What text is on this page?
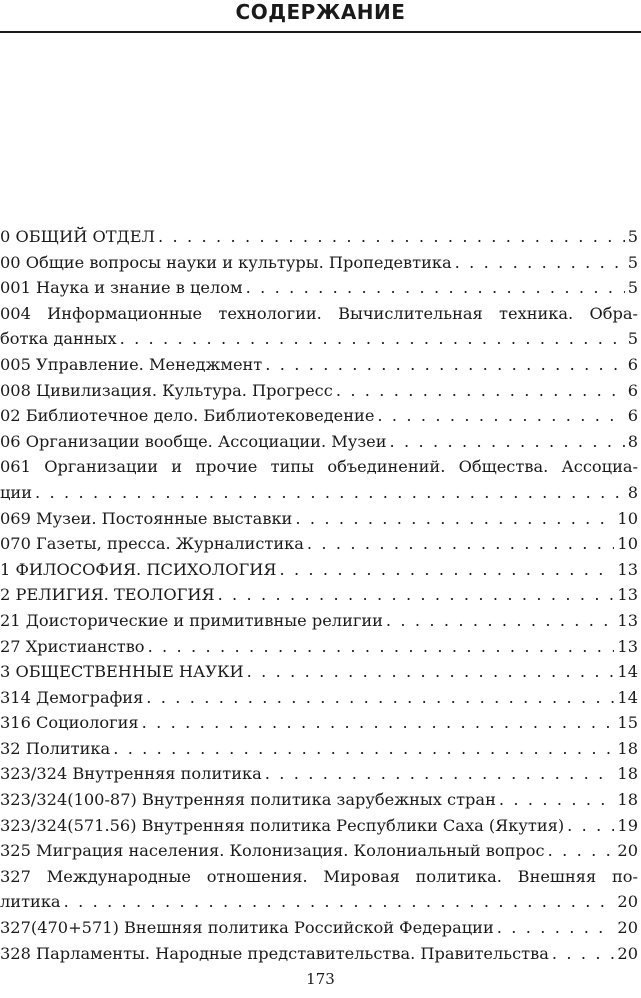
СОДЕРЖАНИЕ
0 ОБЩИЙ ОТДЕЛ . . .	5
00 Общие вопросы науки и культуры. Пропедевтика . . .	5
001 Наука и знание в целом . . .	5
004 Информационные технологии. Вычислительная техника. Обра-
ботка данных . . .	5
005 Управление. Менеджмент . . .	6
008 Цивилизация. Культура. Прогресс . . .	6
02 Библиотечное дело. Библиотековедение . . .	6
06 Организации вообще. Ассоциации. Музеи . . .	8
061 Организации и прочие типы объединений. Общества. Ассоциа-
ции . . .	8
069 Музеи. Постоянные выставки . . .	10
070 Газеты, пресса. Журналистика . . .	10
1 ФИЛОСОФИЯ. ПСИХОЛОГИЯ . . .	13
2 РЕЛИГИЯ. ТЕОЛОГИЯ . . .	13
21 Доисторические и примитивные религии . . .	13
27 Христианство . . .	13
3 ОБЩЕСТВЕННЫЕ НАУКИ . . .	14
314 Демография . . .	14
316 Социология . . .	15
32 Политика . . .	18
323/324 Внутренняя политика . . .	18
323/324(100-87) Внутренняя политика зарубежных стран . . .	18
323/324(571.56) Внутренняя политика Республики Саха (Якутия) . . .	19
325 Миграция населения. Колонизация. Колониальный вопрос . . .	20
327 Международные отношения. Мировая политика. Внешняя по-
литика . . .	20
327(470+571) Внешняя политика Российской Федерации . . .	20
328 Парламенты. Народные представительства. Правительства . . .	20
173
